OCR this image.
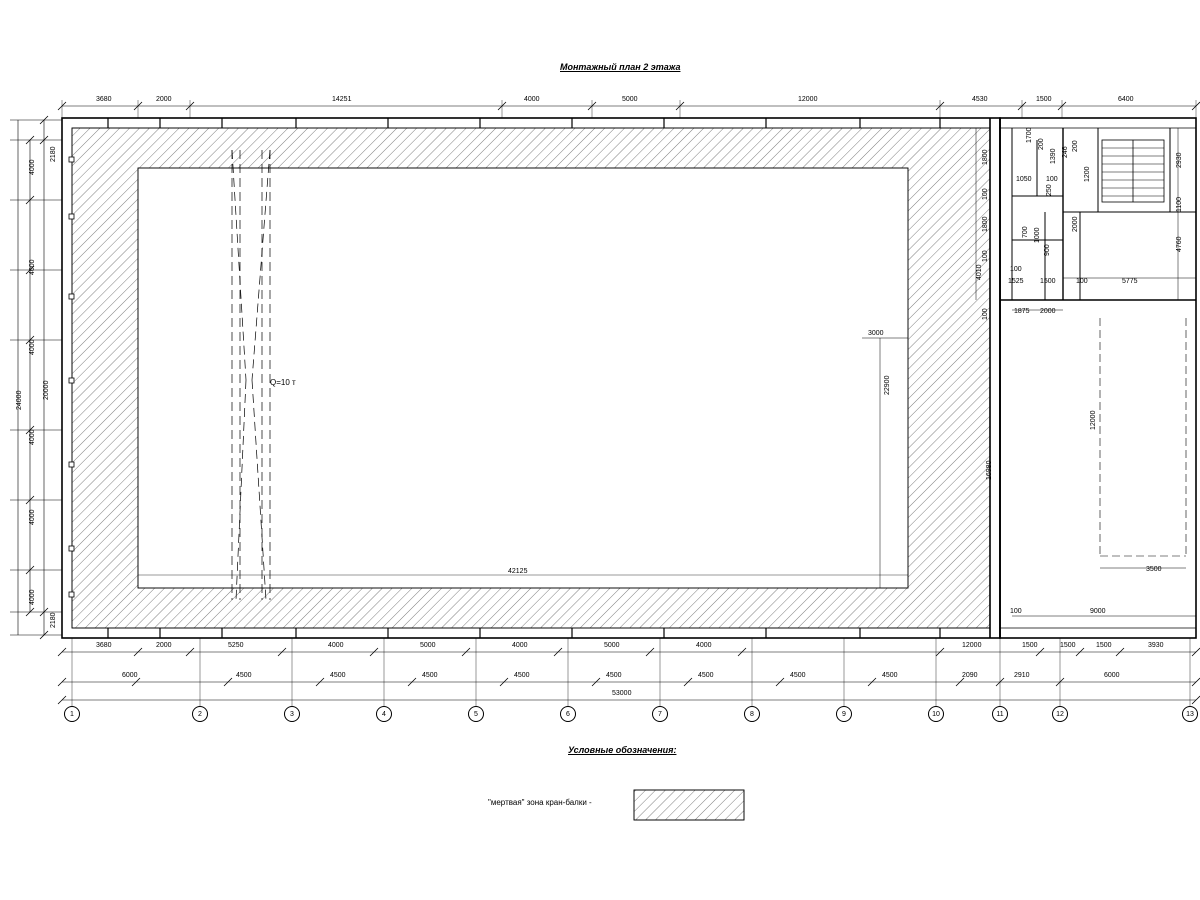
Монтажный план 2 этажа
3680	2000	14251	4000	5000	12000	4530	1500	6400
4000
4000
4000
4000
4000
4000
24000
20000
2180
2180
Q=10 т
42125
3000
22900
1800
100
1800
100
4010
100
16980
1050 100
700 1000
1700
200
250
1390 246
200
1200
2000
900
2930
1100
4760
12000
100
1525 1500	100	5775
1875 2000
3500
100	9000
3680	2000	5250	4000	5000	4000	5000	4000	12000	1500	1500	1500	3930
6000	4500	4500	4500	4500	4500	4500	4500	4500	2090	2910	6000
53000
1	2	3	4	5	6	7	8	9	10	11	12	13
Условные обозначения:
"мертвая" зона кран-балки -
